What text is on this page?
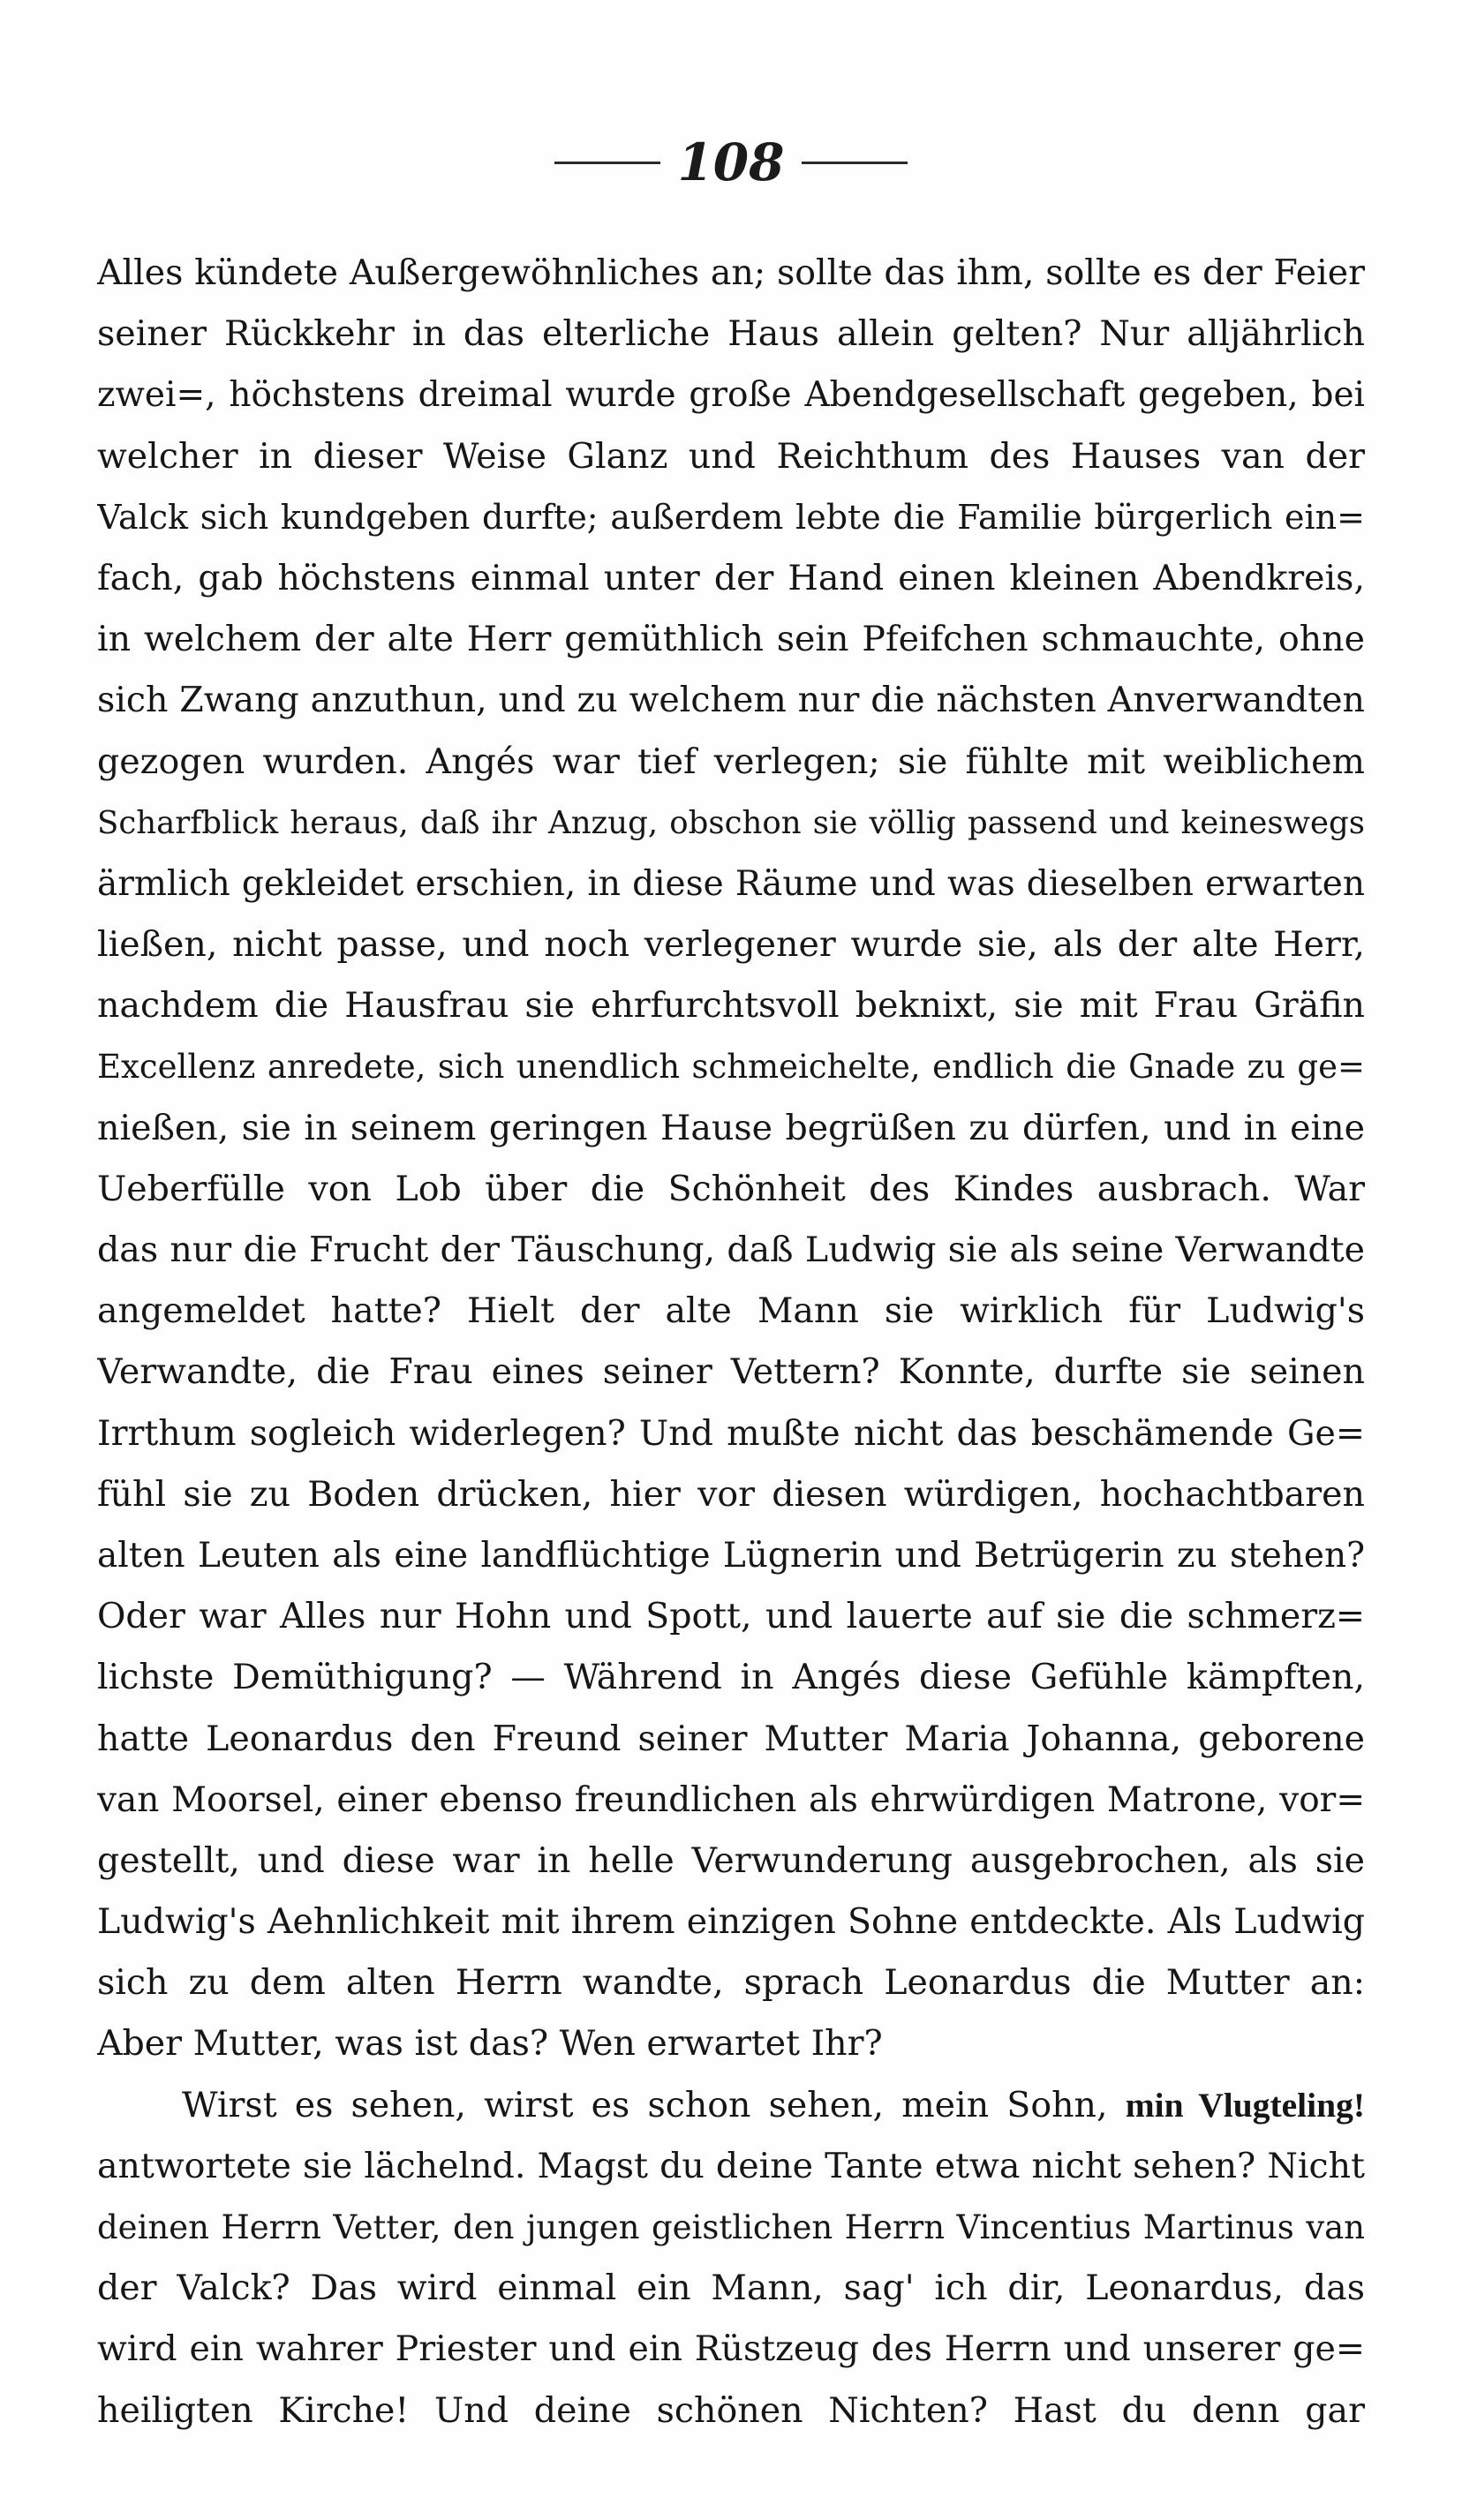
108
Alles kündete Außergewöhnliches an; sollte das ihm, sollte es der Feier
seiner Rückkehr in das elterliche Haus allein gelten? Nur alljährlich
zwei=, höchstens dreimal wurde große Abendgesellschaft gegeben, bei
welcher in dieser Weise Glanz und Reichthum des Hauses van der
Valck sich kundgeben durfte; außerdem lebte die Familie bürgerlich ein=
fach, gab höchstens einmal unter der Hand einen kleinen Abendkreis,
in welchem der alte Herr gemüthlich sein Pfeifchen schmauchte, ohne
sich Zwang anzuthun, und zu welchem nur die nächsten Anverwandten
gezogen wurden. Angés war tief verlegen; sie fühlte mit weiblichem
Scharfblick heraus, daß ihr Anzug, obschon sie völlig passend und keineswegs
ärmlich gekleidet erschien, in diese Räume und was dieselben erwarten
ließen, nicht passe, und noch verlegener wurde sie, als der alte Herr,
nachdem die Hausfrau sie ehrfurchtsvoll beknixt, sie mit Frau Gräfin
Excellenz anredete, sich unendlich schmeichelte, endlich die Gnade zu ge=
nießen, sie in seinem geringen Hause begrüßen zu dürfen, und in eine
Ueberfülle von Lob über die Schönheit des Kindes ausbrach. War
das nur die Frucht der Täuschung, daß Ludwig sie als seine Verwandte
angemeldet hatte? Hielt der alte Mann sie wirklich für Ludwig's
Verwandte, die Frau eines seiner Vettern? Konnte, durfte sie seinen
Irrthum sogleich widerlegen? Und mußte nicht das beschämende Ge=
fühl sie zu Boden drücken, hier vor diesen würdigen, hochachtbaren
alten Leuten als eine landflüchtige Lügnerin und Betrügerin zu stehen?
Oder war Alles nur Hohn und Spott, und lauerte auf sie die schmerz=
lichste Demüthigung? — Während in Angés diese Gefühle kämpften,
hatte Leonardus den Freund seiner Mutter Maria Johanna, geborene
van Moorsel, einer ebenso freundlichen als ehrwürdigen Matrone, vor=
gestellt, und diese war in helle Verwunderung ausgebrochen, als sie
Ludwig's Aehnlichkeit mit ihrem einzigen Sohne entdeckte. Als Ludwig
sich zu dem alten Herrn wandte, sprach Leonardus die Mutter an:
Aber Mutter, was ist das? Wen erwartet Ihr?
Wirst es sehen, wirst es schon sehen, mein Sohn, min Vlugteling!
antwortete sie lächelnd. Magst du deine Tante etwa nicht sehen? Nicht
deinen Herrn Vetter, den jungen geistlichen Herrn Vincentius Martinus van
der Valck? Das wird einmal ein Mann, sag' ich dir, Leonardus, das
wird ein wahrer Priester und ein Rüstzeug des Herrn und unserer ge=
heiligten Kirche! Und deine schönen Nichten? Hast du denn gar
